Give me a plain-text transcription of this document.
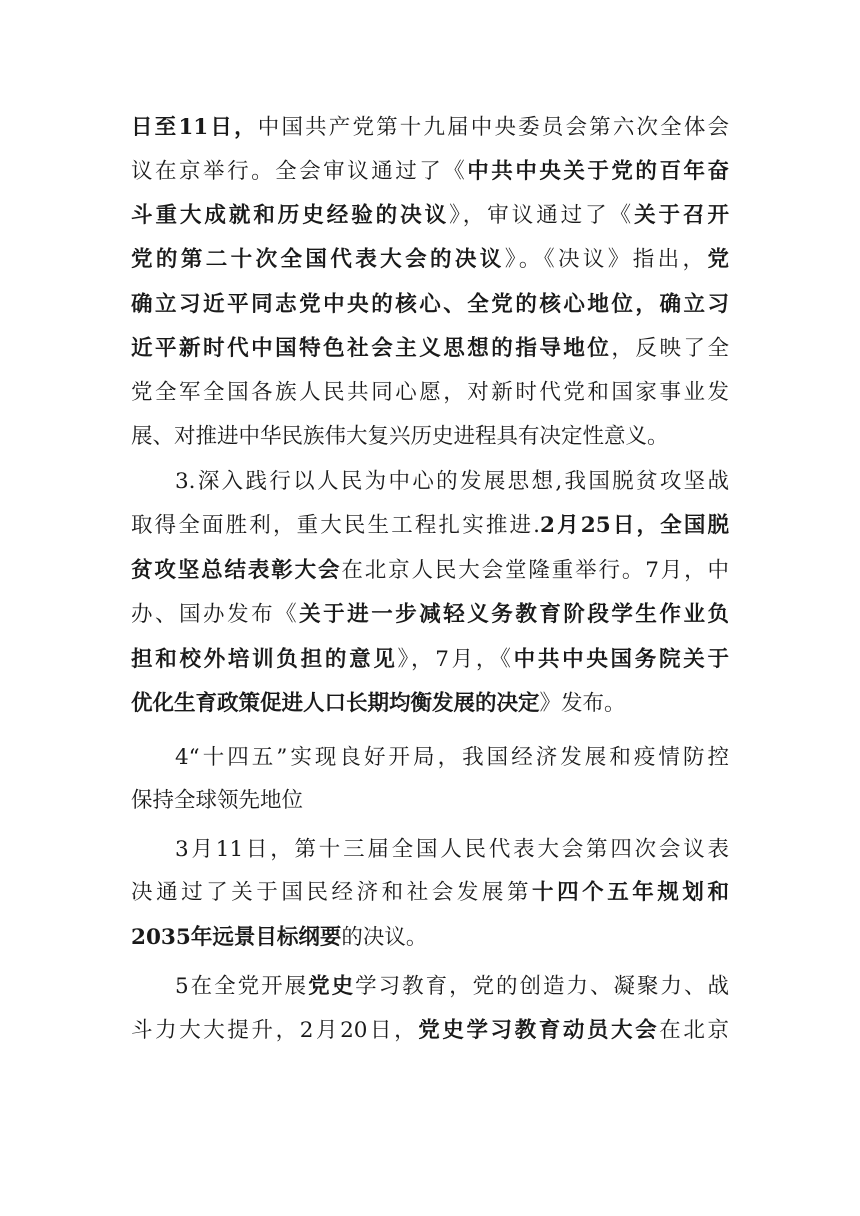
日至11日，中国共产党第十九届中央委员会第六次全体会
议在京举行。全会审议通过了《中共中央关于党的百年奋
斗重大成就和历史经验的决议》，审议通过了《关于召开
党的第二十次全国代表大会的决议》。《决议》指出，党
确立习近平同志党中央的核心、全党的核心地位，确立习
近平新时代中国特色社会主义思想的指导地位，反映了全
党全军全国各族人民共同心愿，对新时代党和国家事业发
展、对推进中华民族伟大复兴历史进程具有决定性意义。
3.深入践行以人民为中心的发展思想,我国脱贫攻坚战
取得全面胜利，重大民生工程扎实推进.2月25日，全国脱
贫攻坚总结表彰大会在北京人民大会堂隆重举行。7月，中
办、国办发布《关于进一步减轻义务教育阶段学生作业负
担和校外培训负担的意见》，7月，《中共中央国务院关于
优化生育政策促进人口长期均衡发展的决定》发布。
4“十四五”实现良好开局，我国经济发展和疫情防控
保持全球领先地位
3月11日，第十三届全国人民代表大会第四次会议表
决通过了关于国民经济和社会发展第十四个五年规划和
2035年远景目标纲要的决议。
5在全党开展党史学习教育，党的创造力、凝聚力、战
斗力大大提升，2月20日，党史学习教育动员大会在北京
